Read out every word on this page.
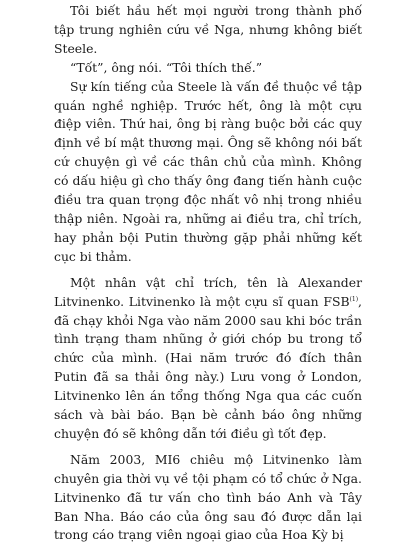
Tôi biết hầu hết mọi người trong thành phố tập trung nghiên cứu về Nga, nhưng không biết Steele.

“Tốt”, ông nói. “Tôi thích thế.”

Sự kín tiếng của Steele là vấn đề thuộc về tập quán nghề nghiệp. Trước hết, ông là một cựu điệp viên. Thứ hai, ông bị ràng buộc bởi các quy định về bí mật thương mại. Ông sẽ không nói bất cứ chuyện gì về các thân chủ của mình. Không có dấu hiệu gì cho thấy ông đang tiến hành cuộc điều tra quan trọng độc nhất vô nhị trong nhiều thập niên. Ngoài ra, những ai điều tra, chỉ trích, hay phản bội Putin thường gặp phải những kết cục bi thảm.

Một nhân vật chỉ trích, tên là Alexander Litvinenko. Litvinenko là một cựu sĩ quan FSB$^{(1)}$, đã chạy khỏi Nga vào năm 2000 sau khi bóc trần tình trạng tham nhũng ở giới chóp bu trong tổ chức của mình. (Hai năm trước đó đích thân Putin đã sa thải ông này.) Lưu vong ở London, Litvinenko lên án tổng thống Nga qua các cuốn sách và bài báo. Bạn bè cảnh báo ông những chuyện đó sẽ không dẫn tới điều gì tốt đẹp.

Năm 2003, MI6 chiêu mộ Litvinenko làm chuyên gia thời vụ về tội phạm có tổ chức ở Nga. Litvinenko đã tư vấn cho tình báo Anh và Tây Ban Nha. Báo cáo của ông sau đó được dẫn lại trong cáo trạng viên ngoại giao của Hoa Kỳ bị
